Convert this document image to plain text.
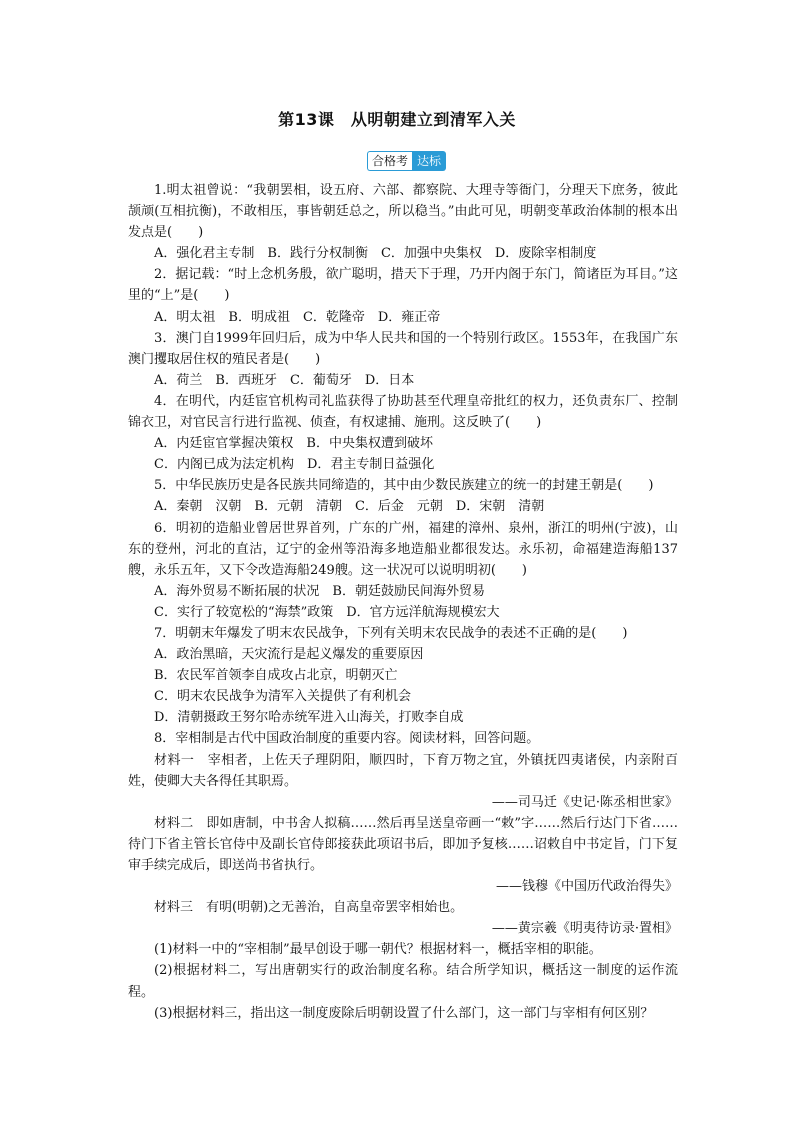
第13课　从明朝建立到清军入关
合格考 达标

1.明太祖曾说：“我朝罢相，设五府、六部、都察院、大理寺等衙门，分理天下庶务，彼此颉颃(互相抗衡)，不敢相压，事皆朝廷总之，所以稳当。”由此可见，明朝变革政治体制的根本出发点是(　　)

A．强化君主专制　B．践行分权制衡　C．加强中央集权　D．废除宰相制度

2．据记载：“时上念机务殷，欲广聪明，措天下于理，乃开内阁于东门，简诸臣为耳目。”这里的“上”是(　　)

A．明太祖　B．明成祖　C．乾隆帝　D．雍正帝

3．澳门自1999年回归后，成为中华人民共和国的一个特别行政区。1553年，在我国广东澳门攫取居住权的殖民者是(　　)

A．荷兰　B．西班牙　C．葡萄牙　D．日本

4．在明代，内廷宦官机构司礼监获得了协助甚至代理皇帝批红的权力，还负责东厂、控制锦衣卫，对官民言行进行监视、侦查，有权逮捕、施刑。这反映了(　　)

A．内廷宦官掌握决策权　B．中央集权遭到破坏

C．内阁已成为法定机构　D．君主专制日益强化

5．中华民族历史是各民族共同缔造的，其中由少数民族建立的统一的封建王朝是(　　)

A．秦朝　汉朝　B．元朝　清朝　C．后金　元朝　D．宋朝　清朝

6．明初的造船业曾居世界首列，广东的广州，福建的漳州、泉州，浙江的明州(宁波)，山东的登州，河北的直沽，辽宁的金州等沿海多地造船业都很发达。永乐初，命福建造海船137艘，永乐五年，又下令改造海船249艘。这一状况可以说明明初(　　)

A．海外贸易不断拓展的状况　B．朝廷鼓励民间海外贸易

C．实行了较宽松的“海禁”政策　D．官方远洋航海规模宏大

7．明朝末年爆发了明末农民战争，下列有关明末农民战争的表述不正确的是(　　)

A．政治黑暗，天灾流行是起义爆发的重要原因

B．农民军首领李自成攻占北京，明朝灭亡

C．明末农民战争为清军入关提供了有利机会

D．清朝摄政王努尔哈赤统军进入山海关，打败李自成

8．宰相制是古代中国政治制度的重要内容。阅读材料，回答问题。

材料一　宰相者，上佐天子理阴阳，顺四时，下育万物之宜，外镇抚四夷诸侯，内亲附百姓，使卿大夫各得任其职焉。

——司马迁《史记·陈丞相世家》

材料二　即如唐制，中书舍人拟稿……然后再呈送皇帝画一“敕”字……然后行达门下省……待门下省主管长官侍中及副长官侍郎接获此项诏书后，即加予复核……诏敕自中书定旨，门下复审手续完成后，即送尚书省执行。

——钱穆《中国历代政治得失》

材料三　有明(明朝)之无善治，自高皇帝罢宰相始也。

——黄宗羲《明夷待访录·置相》

(1)材料一中的“宰相制”最早创设于哪一朝代？根据材料一，概括宰相的职能。

(2)根据材料二，写出唐朝实行的政治制度名称。结合所学知识，概括这一制度的运作流程。

(3)根据材料三，指出这一制度废除后明朝设置了什么部门，这一部门与宰相有何区别？
